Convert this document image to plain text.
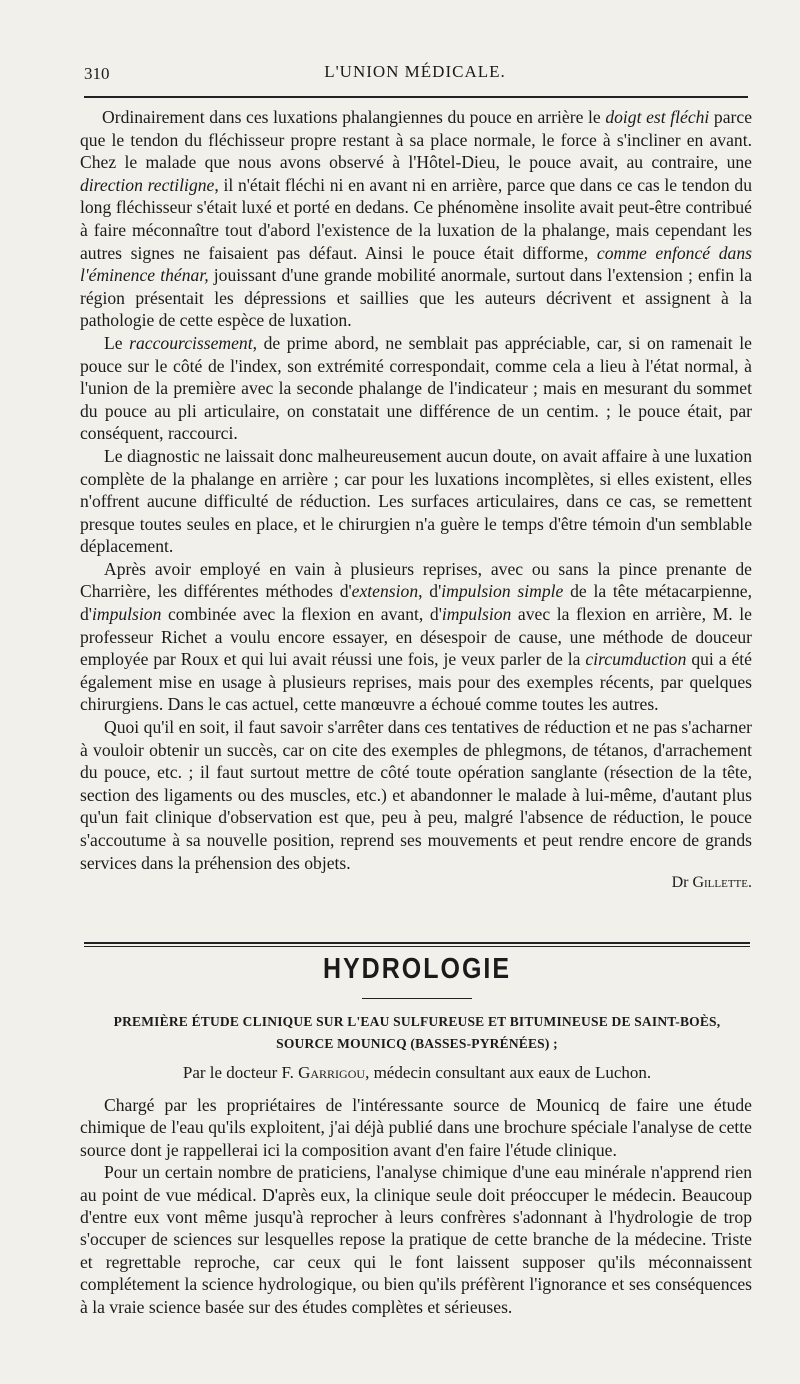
310	L'UNION MÉDICALE.

Ordinairement dans ces luxations phalangiennes du pouce en arrière le doigt est fléchi parce que le tendon du fléchisseur propre restant à sa place normale, le force à s'incliner en avant. Chez le malade que nous avons observé à l'Hôtel-Dieu, le pouce avait, au contraire, une direction rectiligne, il n'était fléchi ni en avant ni en arrière, parce que dans ce cas le tendon du long fléchisseur s'était luxé et porté en dedans. Ce phénomène insolite avait peut-être contribué à faire méconnaître tout d'abord l'existence de la luxation de la phalange, mais cependant les autres signes ne faisaient pas défaut. Ainsi le pouce était difforme, comme enfoncé dans l'éminence thénar, jouissant d'une grande mobilité anormale, surtout dans l'extension ; enfin la région présentait les dépressions et saillies que les auteurs décrivent et assignent à la pathologie de cette espèce de luxation.

Le raccourcissement, de prime abord, ne semblait pas appréciable, car, si on ramenait le pouce sur le côté de l'index, son extrémité correspondait, comme cela a lieu à l'état normal, à l'union de la première avec la seconde phalange de l'indicateur ; mais en mesurant du sommet du pouce au pli articulaire, on constatait une différence de un centim. ; le pouce était, par conséquent, raccourci.

Le diagnostic ne laissait donc malheureusement aucun doute, on avait affaire à une luxation complète de la phalange en arrière ; car pour les luxations incomplètes, si elles existent, elles n'offrent aucune difficulté de réduction. Les surfaces articulaires, dans ce cas, se remettent presque toutes seules en place, et le chirurgien n'a guère le temps d'être témoin d'un semblable déplacement.

Après avoir employé en vain à plusieurs reprises, avec ou sans la pince prenante de Charrière, les différentes méthodes d'extension, d'impulsion simple de la tête métacarpienne, d'impulsion combinée avec la flexion en avant, d'impulsion avec la flexion en arrière, M. le professeur Richet a voulu encore essayer, en désespoir de cause, une méthode de douceur employée par Roux et qui lui avait réussi une fois, je veux parler de la circumduction qui a été également mise en usage à plusieurs reprises, mais pour des exemples récents, par quelques chirurgiens. Dans le cas actuel, cette manœuvre a échoué comme toutes les autres.

Quoi qu'il en soit, il faut savoir s'arrêter dans ces tentatives de réduction et ne pas s'acharner à vouloir obtenir un succès, car on cite des exemples de phlegmons, de tétanos, d'arrachement du pouce, etc. ; il faut surtout mettre de côté toute opération sanglante (résection de la tête, section des ligaments ou des muscles, etc.) et abandonner le malade à lui-même, d'autant plus qu'un fait clinique d'observation est que, peu à peu, malgré l'absence de réduction, le pouce s'accoutume à sa nouvelle position, reprend ses mouvements et peut rendre encore de grands services dans la préhension des objets.

Dr Gillette.
HYDROLOGIE
PREMIÈRE ÉTUDE CLINIQUE SUR L'EAU SULFUREUSE ET BITUMINEUSE DE SAINT-BOÈS,
SOURCE MOUNICQ (BASSES-PYRÉNÉES) ;
Par le docteur F. Garrigou, médecin consultant aux eaux de Luchon.

Chargé par les propriétaires de l'intéressante source de Mounicq de faire une étude chimique de l'eau qu'ils exploitent, j'ai déjà publié dans une brochure spéciale l'analyse de cette source dont je rappellerai ici la composition avant d'en faire l'étude clinique.

Pour un certain nombre de praticiens, l'analyse chimique d'une eau minérale n'apprend rien au point de vue médical. D'après eux, la clinique seule doit préoccuper le médecin. Beaucoup d'entre eux vont même jusqu'à reprocher à leurs confrères s'adonnant à l'hydrologie de trop s'occuper de sciences sur lesquelles repose la pratique de cette branche de la médecine. Triste et regrettable reproche, car ceux qui le font laissent supposer qu'ils méconnaissent complétement la science hydrologique, ou bien qu'ils préfèrent l'ignorance et ses conséquences à la vraie science basée sur des études complètes et sérieuses.
